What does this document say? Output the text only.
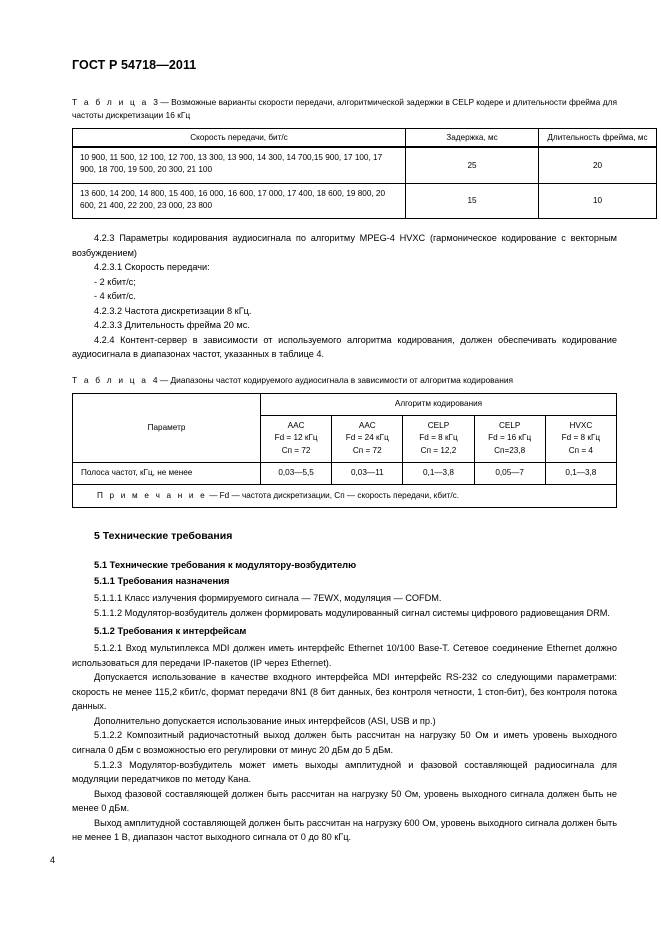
ГОСТ Р 54718—2011

Т а б л и ц а 3 — Возможные варианты скорости передачи, алгоритмической задержки в CELP кодере и длительности фрейма для частоты дискретизации 16 кГц

Скорость передачи, бит/с	Задержка, мс	Длительность фрейма, мс
10 900, 11 500, 12 100, 12 700, 13 300, 13 900, 14 300, 14 700,15 900, 17 100, 17 900, 18 700, 19 500, 20 300, 21 100	25	20
13 600, 14 200, 14 800, 15 400, 16 000, 16 600, 17 000, 17 400, 18 600, 19 800, 20 600, 21 400, 22 200, 23 000, 23 800	15	10

4.2.3 Параметры кодирования аудиосигнала по алгоритму MPEG-4 HVXC (гармоническое кодирование с векторным возбуждением)

4.2.3.1 Скорость передачи:

- 2 кбит/с;

- 4 кбит/с.

4.2.3.2 Частота дискретизации 8 кГц.

4.2.3.3 Длительность фрейма 20 мс.

4.2.4 Контент-сервер в зависимости от используемого алгоритма кодирования, должен обеспечивать кодирование аудиосигнала в диапазонах частот, указанных в таблице 4.

Т а б л и ц а 4 — Диапазоны частот кодируемого аудиосигнала в зависимости от алгоритма кодирования

Параметр	Алгоритм кодирования				
	AAC
Fd = 12 кГц
Cп = 72	AAC
Fd = 24 кГц
Cп = 72	CELP
Fd = 8 кГц
Cп = 12,2	CELP
Fd = 16 кГц
Cп=23,8	HVXC
Fd = 8 кГц
Cп = 4
Полоса частот, кГц, не менее	0,03—5,5	0,03—11	0,1—3,8	0,05—7	0,1—3,8
П р и м е ч а н и е — Fd — частота дискретизации, Сп — скорость передачи, кбит/с.					
5 Технические требования
5.1 Технические требования к модулятору-возбудителю
5.1.1 Требования назначения

5.1.1.1 Класс излучения формируемого сигнала — 7EWX, модуляция — COFDM.

5.1.1.2 Модулятор-возбудитель должен формировать модулированный сигнал системы цифрового радиовещания DRM.

5.1.2 Требования к интерфейсам

5.1.2.1 Вход мультиплекса MDI должен иметь интерфейс Ethernet 10/100 Base-T. Сетевое соединение Ethernet должно использоваться для передачи IP-пакетов (IP через Ethernet).

Допускается использование в качестве входного интерфейса MDI интерфейс RS-232 со следующими параметрами: скорость не менее 115,2 кбит/с, формат передачи 8N1 (8 бит данных, без контроля четности, 1 стоп-бит), без контроля потока данных.

Дополнительно допускается использование иных интерфейсов (ASI, USB и пр.)

5.1.2.2 Композитный радиочастотный выход должен быть рассчитан на нагрузку 50 Ом и иметь уровень выходного сигнала 0 дБм с возможностью его регулировки от минус 20 дБм до 5 дБм.

5.1.2.3 Модулятор-возбудитель может иметь выходы амплитудной и фазовой составляющей радиосигнала для модуляции передатчиков по методу Кана.

Выход фазовой составляющей должен быть рассчитан на нагрузку 50 Ом, уровень выходного сигнала должен быть не менее 0 дБм.

Выход амплитудной составляющей должен быть рассчитан на нагрузку 600 Ом, уровень выходного сигнала должен быть не менее 1 В, диапазон частот выходного сигнала от 0 до 80 кГц.

4
